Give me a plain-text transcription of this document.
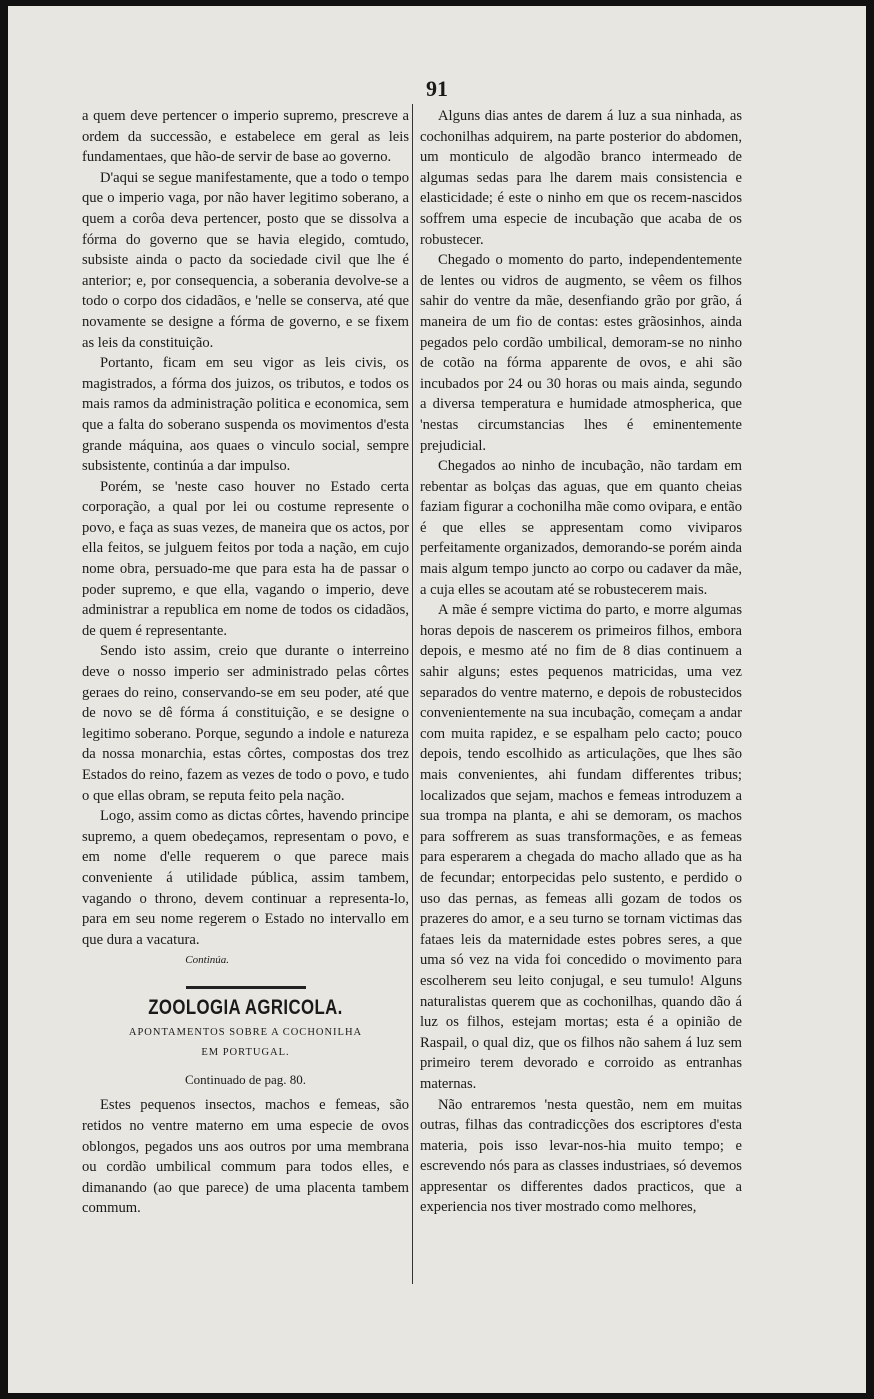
91

a quem deve pertencer o imperio supremo, prescreve a ordem da successão, e estabelece em geral as leis fundamentaes, que hão-de servir de base ao governo.

D'aqui se segue manifestamente, que a todo o tempo que o imperio vaga, por não haver legitimo soberano, a quem a corôa deva pertencer, posto que se dissolva a fórma do governo que se havia elegido, comtudo, subsiste ainda o pacto da sociedade civil que lhe é anterior; e, por consequencia, a soberania devolve-se a todo o corpo dos cidadãos, e 'nelle se conserva, até que novamente se designe a fórma de governo, e se fixem as leis da constituição.

Portanto, ficam em seu vigor as leis civis, os magistrados, a fórma dos juizos, os tributos, e todos os mais ramos da administração politica e economica, sem que a falta do soberano suspenda os movimentos d'esta grande máquina, aos quaes o vinculo social, sempre subsistente, continúa a dar impulso.

Porém, se 'neste caso houver no Estado certa corporação, a qual por lei ou costume represente o povo, e faça as suas vezes, de maneira que os actos, por ella feitos, se julguem feitos por toda a nação, em cujo nome obra, persuado-me que para esta ha de passar o poder supremo, e que ella, vagando o imperio, deve administrar a republica em nome de todos os cidadãos, de quem é representante.

Sendo isto assim, creio que durante o interreino deve o nosso imperio ser administrado pelas côrtes geraes do reino, conservando-se em seu poder, até que de novo se dê fórma á constituição, e se designe o legitimo soberano. Porque, segundo a indole e natureza da nossa monarchia, estas côrtes, compostas dos trez Estados do reino, fazem as vezes de todo o povo, e tudo o que ellas obram, se reputa feito pela nação.

Logo, assim como as dictas côrtes, havendo principe supremo, a quem obedeçamos, representam o povo, e em nome d'elle requerem o que parece mais conveniente á utilidade pública, assim tambem, vagando o throno, devem continuar a representa-lo, para em seu nome regerem o Estado no intervallo em que dura a vacatura.

Continúa.
ZOOLOGIA AGRICOLA.
APONTAMENTOS SOBRE A COCHONILHA
EM PORTUGAL.
Continuado de pag. 80.

Estes pequenos insectos, machos e femeas, são retidos no ventre materno em uma especie de ovos oblongos, pegados uns aos outros por uma membrana ou cordão umbilical commum para todos elles, e dimanando (ao que parece) de uma placenta tambem commum.

Alguns dias antes de darem á luz a sua ninhada, as cochonilhas adquirem, na parte posterior do abdomen, um monticulo de algodão branco intermeado de algumas sedas para lhe darem mais consistencia e elasticidade; é este o ninho em que os recem-nascidos soffrem uma especie de incubação que acaba de os robustecer.

Chegado o momento do parto, independentemente de lentes ou vidros de augmento, se vêem os filhos sahir do ventre da mãe, desenfiando grão por grão, á maneira de um fio de contas: estes grãosinhos, ainda pegados pelo cordão umbilical, demoram-se no ninho de cotão na fórma apparente de ovos, e ahi são incubados por 24 ou 30 horas ou mais ainda, segundo a diversa temperatura e humidade atmospherica, que 'nestas circumstancias lhes é eminentemente prejudicial.

Chegados ao ninho de incubação, não tardam em rebentar as bolças das aguas, que em quanto cheias faziam figurar a cochonilha mãe como ovipara, e então é que elles se appresentam como viviparos perfeitamente organizados, demorando-se porém ainda mais algum tempo juncto ao corpo ou cadaver da mãe, a cuja elles se acoutam até se robustecerem mais.

A mãe é sempre victima do parto, e morre algumas horas depois de nascerem os primeiros filhos, embora depois, e mesmo até no fim de 8 dias continuem a sahir alguns; estes pequenos matricidas, uma vez separados do ventre materno, e depois de robustecidos convenientemente na sua incubação, começam a andar com muita rapidez, e se espalham pelo cacto; pouco depois, tendo escolhido as articulações, que lhes são mais convenientes, ahi fundam differentes tribus; localizados que sejam, machos e femeas introduzem a sua trompa na planta, e ahi se demoram, os machos para soffrerem as suas transformações, e as femeas para esperarem a chegada do macho allado que as ha de fecundar; entorpecidas pelo sustento, e perdido o uso das pernas, as femeas alli gozam de todos os prazeres do amor, e a seu turno se tornam victimas das fataes leis da maternidade estes pobres seres, a que uma só vez na vida foi concedido o movimento para escolherem seu leito conjugal, e seu tumulo! Alguns naturalistas querem que as cochonilhas, quando dão á luz os filhos, estejam mortas; esta é a opinião de Raspail, o qual diz, que os filhos não sahem á luz sem primeiro terem devorado e corroido as entranhas maternas.

Não entraremos 'nesta questão, nem em muitas outras, filhas das contradicções dos escriptores d'esta materia, pois isso levar-nos-hia muito tempo; e escrevendo nós para as classes industriaes, só devemos appresentar os differentes dados practicos, que a experiencia nos tiver mostrado como melhores,
